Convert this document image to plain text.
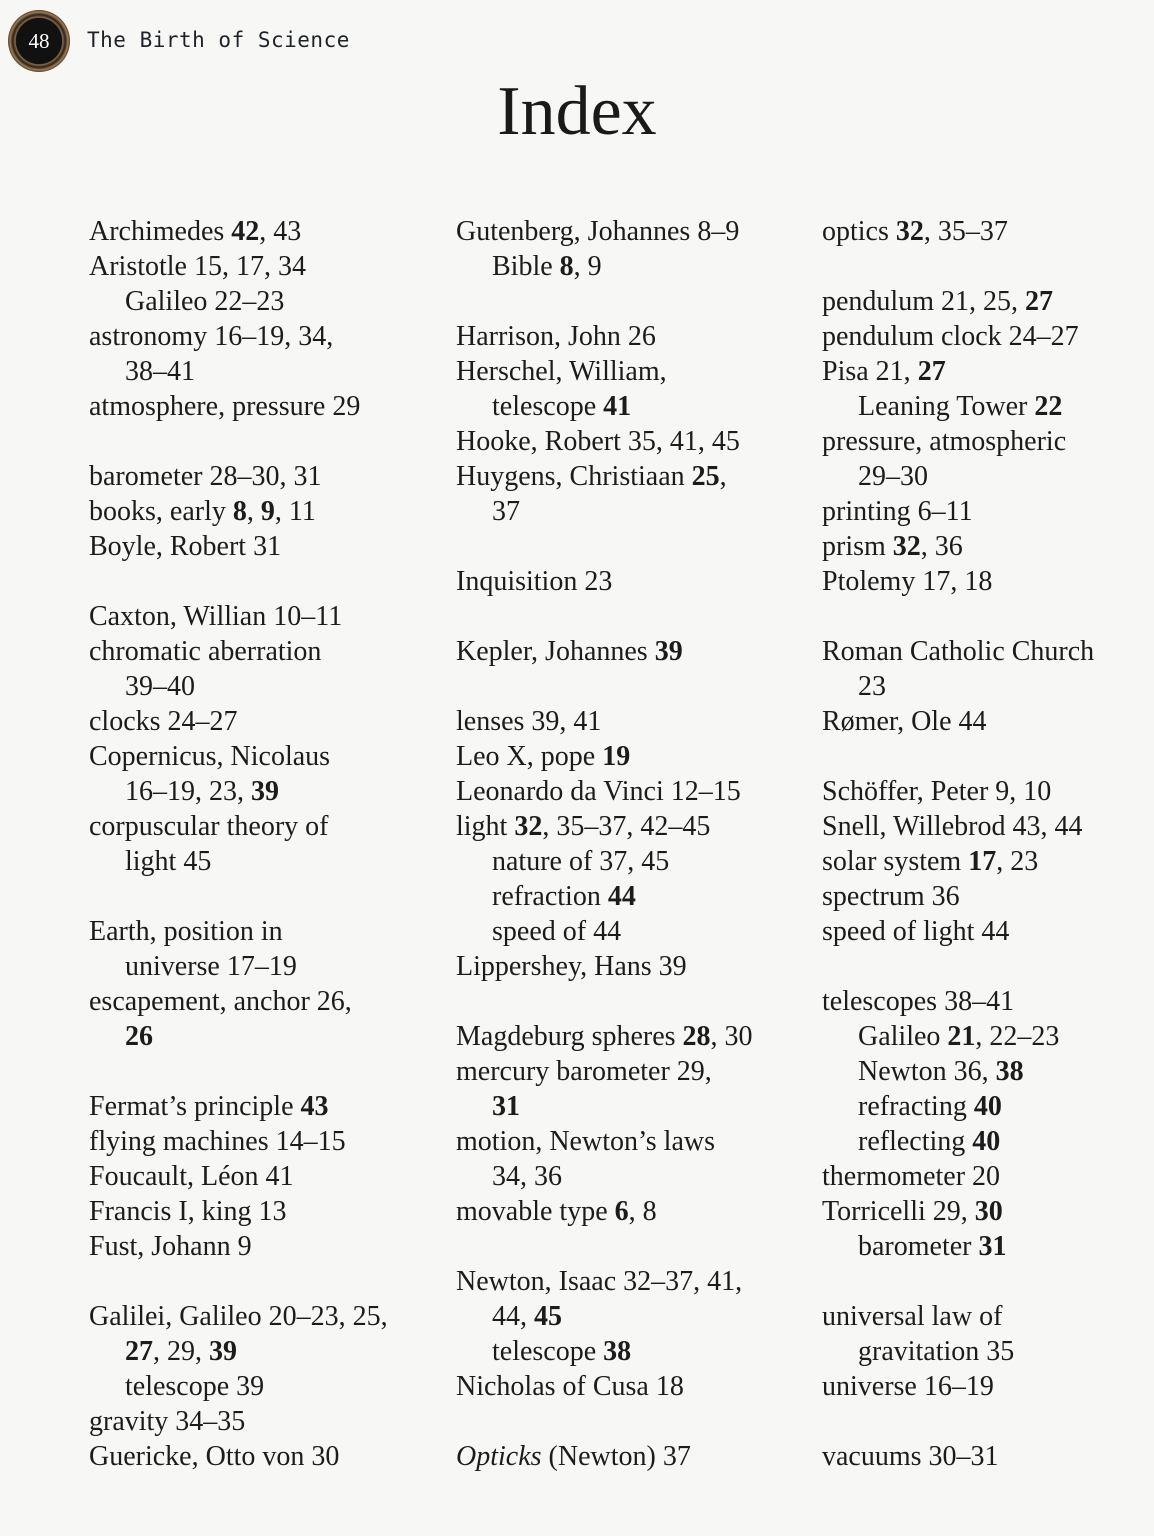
48 The Birth of Science
Index
Archimedes 42, 43
Aristotle 15, 17, 34
Galileo 22–23
astronomy 16–19, 34,
38–41
atmosphere, pressure 29
barometer 28–30, 31
books, early 8, 9, 11
Boyle, Robert 31
Caxton, Willian 10–11
chromatic aberration
39–40
clocks 24–27
Copernicus, Nicolaus
16–19, 23, 39
corpuscular theory of
light 45
Earth, position in
universe 17–19
escapement, anchor 26,
26
Fermat’s principle 43
flying machines 14–15
Foucault, Léon 41
Francis I, king 13
Fust, Johann 9
Galilei, Galileo 20–23, 25,
27, 29, 39
telescope 39
gravity 34–35
Guericke, Otto von 30
Gutenberg, Johannes 8–9
Bible 8, 9
Harrison, John 26
Herschel, William,
telescope 41
Hooke, Robert 35, 41, 45
Huygens, Christiaan 25,
37
Inquisition 23
Kepler, Johannes 39
lenses 39, 41
Leo X, pope 19
Leonardo da Vinci 12–15
light 32, 35–37, 42–45
nature of 37, 45
refraction 44
speed of 44
Lippershey, Hans 39
Magdeburg spheres 28, 30
mercury barometer 29,
31
motion, Newton’s laws
34, 36
movable type 6, 8
Newton, Isaac 32–37, 41,
44, 45
telescope 38
Nicholas of Cusa 18
Opticks (Newton) 37
optics 32, 35–37
pendulum 21, 25, 27
pendulum clock 24–27
Pisa 21, 27
Leaning Tower 22
pressure, atmospheric
29–30
printing 6–11
prism 32, 36
Ptolemy 17, 18
Roman Catholic Church
23
Rømer, Ole 44
Schöffer, Peter 9, 10
Snell, Willebrod 43, 44
solar system 17, 23
spectrum 36
speed of light 44
telescopes 38–41
Galileo 21, 22–23
Newton 36, 38
refracting 40
reflecting 40
thermometer 20
Torricelli 29, 30
barometer 31
universal law of
gravitation 35
universe 16–19
vacuums 30–31
